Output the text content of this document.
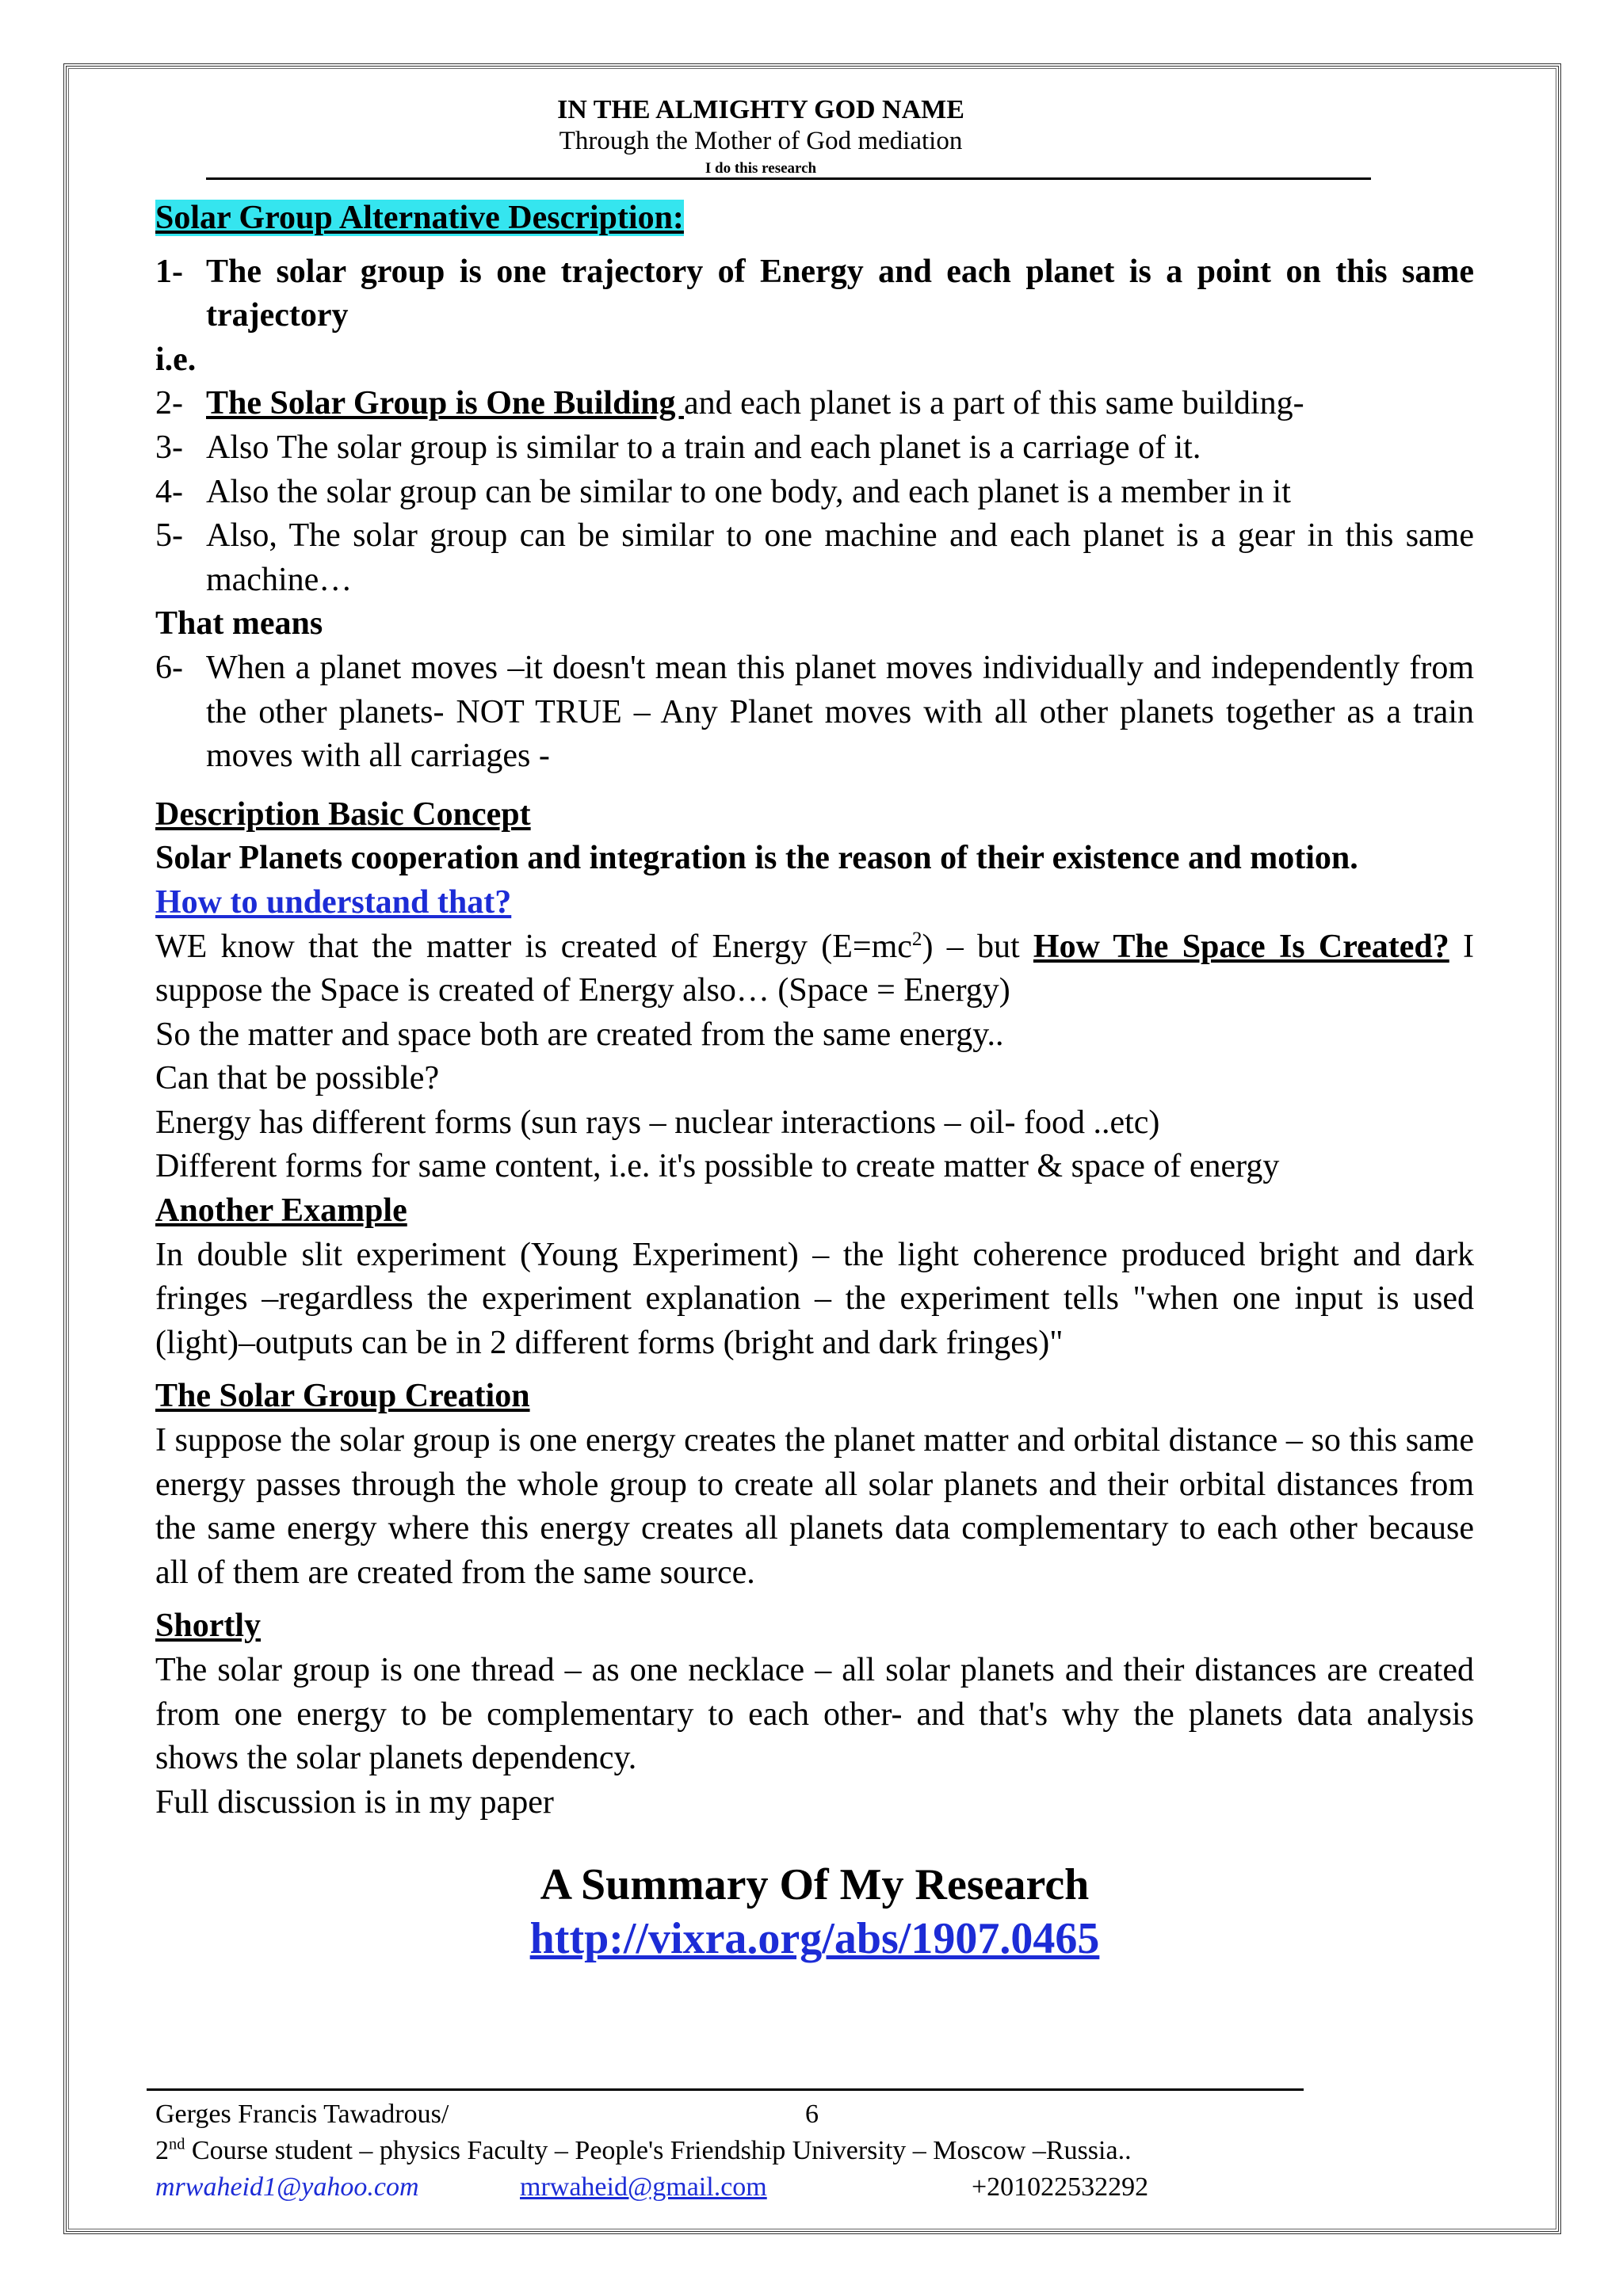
IN THE ALMIGHTY GOD NAME
Through the Mother of God mediation
I do this research

Solar Group Alternative Description:

1- The solar group is one trajectory of Energy and each planet is a point on this same trajectory

i.e.

2- The Solar Group is One Building and each planet is a part of this same building-
3- Also The solar group is similar to a train and each planet is a carriage of it.
4- Also the solar group can be similar to one body, and each planet is a member in it
5- Also, The solar group can be similar to one machine and each planet is a gear in this same machine…

That means

6- When a planet moves –it doesn't mean this planet moves individually and independently from the other planets- NOT TRUE – Any Planet moves with all other planets together as a train moves with all carriages -

Description Basic Concept

Solar Planets cooperation and integration is the reason of their existence and motion.

How to understand that?

WE know that the matter is created of Energy $(E=mc^2)$ – but How The Space Is Created? I suppose the Space is created of Energy also… (Space = Energy)

So the matter and space both are created from the same energy..

Can that be possible?

Energy has different forms (sun rays – nuclear interactions – oil- food ..etc)

Different forms for same content, i.e. it's possible to create matter & space of energy

Another Example

In double slit experiment (Young Experiment) – the light coherence produced bright and dark fringes –regardless the experiment explanation – the experiment tells "when one input is used (light)–outputs can be in 2 different forms (bright and dark fringes)"

The Solar Group Creation

I suppose the solar group is one energy creates the planet matter and orbital distance – so this same energy passes through the whole group to create all solar planets and their orbital distances from the same energy where this energy creates all planets data complementary to each other because all of them are created from the same source.

Shortly

The solar group is one thread – as one necklace – all solar planets and their distances are created from one energy to be complementary to each other- and that's why the planets data analysis shows the solar planets dependency.

Full discussion is in my paper

A Summary Of My Research
http://vixra.org/abs/1907.0465
Gerges Francis Tawadrous/	6
2nd Course student – physics Faculty – People's Friendship University – Moscow –Russia..
mrwaheid1@yahoo.com	mrwaheid@gmail.com	+201022532292
